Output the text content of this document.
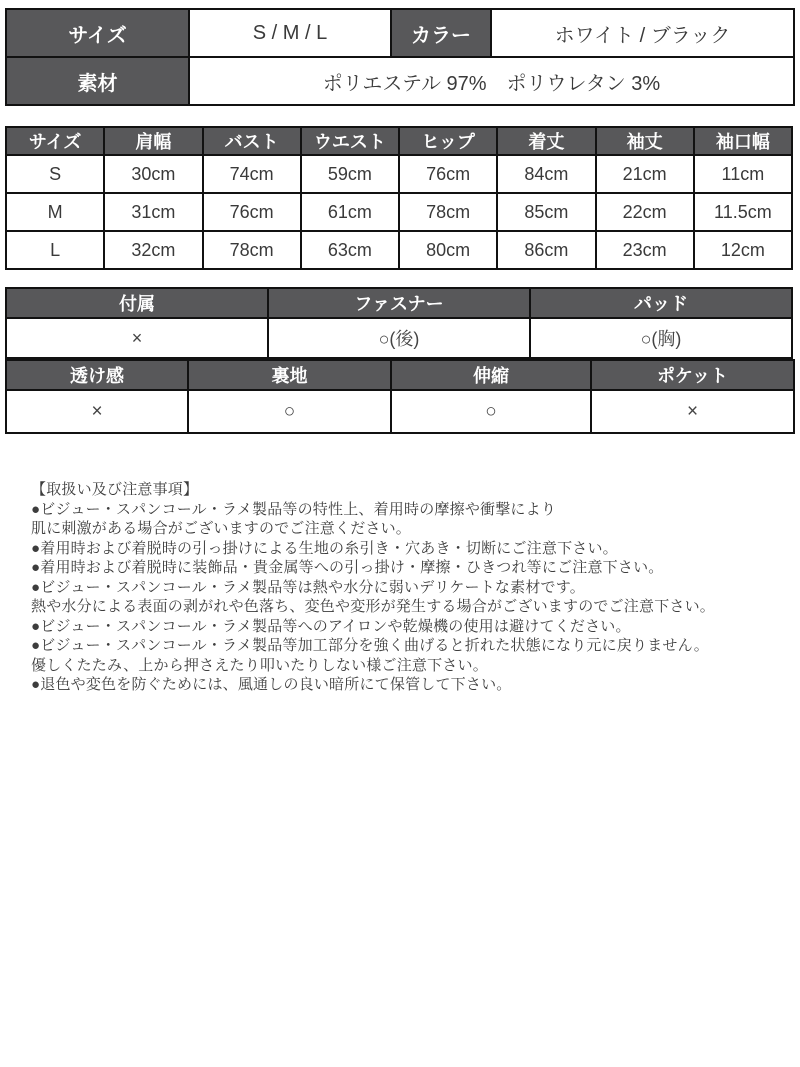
サイズ	S / M / L	カラー	ホワイト / ブラック
素材	ポリエステル 97%　ポリウレタン 3%		
サイズ	肩幅	バスト	ウエスト	ヒップ	着丈	袖丈	袖口幅
S	30cm	74cm	59cm	76cm	84cm	21cm	11cm
M	31cm	76cm	61cm	78cm	85cm	22cm	11.5cm
L	32cm	78cm	63cm	80cm	86cm	23cm	12cm
付属	ファスナー	パッド
×	○(後)	○(胸)
透け感	裏地	伸縮	ポケット
×	○	○	×
【取扱い及び注意事項】
●ビジュー・スパンコール・ラメ製品等の特性上、着用時の摩擦や衝撃により
肌に刺激がある場合がございますのでご注意ください。
●着用時および着脱時の引っ掛けによる生地の糸引き・穴あき・切断にご注意下さい。
●着用時および着脱時に装飾品・貴金属等への引っ掛け・摩擦・ひきつれ等にご注意下さい。
●ビジュー・スパンコール・ラメ製品等は熱や水分に弱いデリケートな素材です。
熱や水分による表面の剥がれや色落ち、変色や変形が発生する場合がございますのでご注意下さい。
●ビジュー・スパンコール・ラメ製品等へのアイロンや乾燥機の使用は避けてください。
●ビジュー・スパンコール・ラメ製品等加工部分を強く曲げると折れた状態になり元に戻りません。
優しくたたみ、上から押さえたり叩いたりしない様ご注意下さい。
●退色や変色を防ぐためには、風通しの良い暗所にて保管して下さい。
